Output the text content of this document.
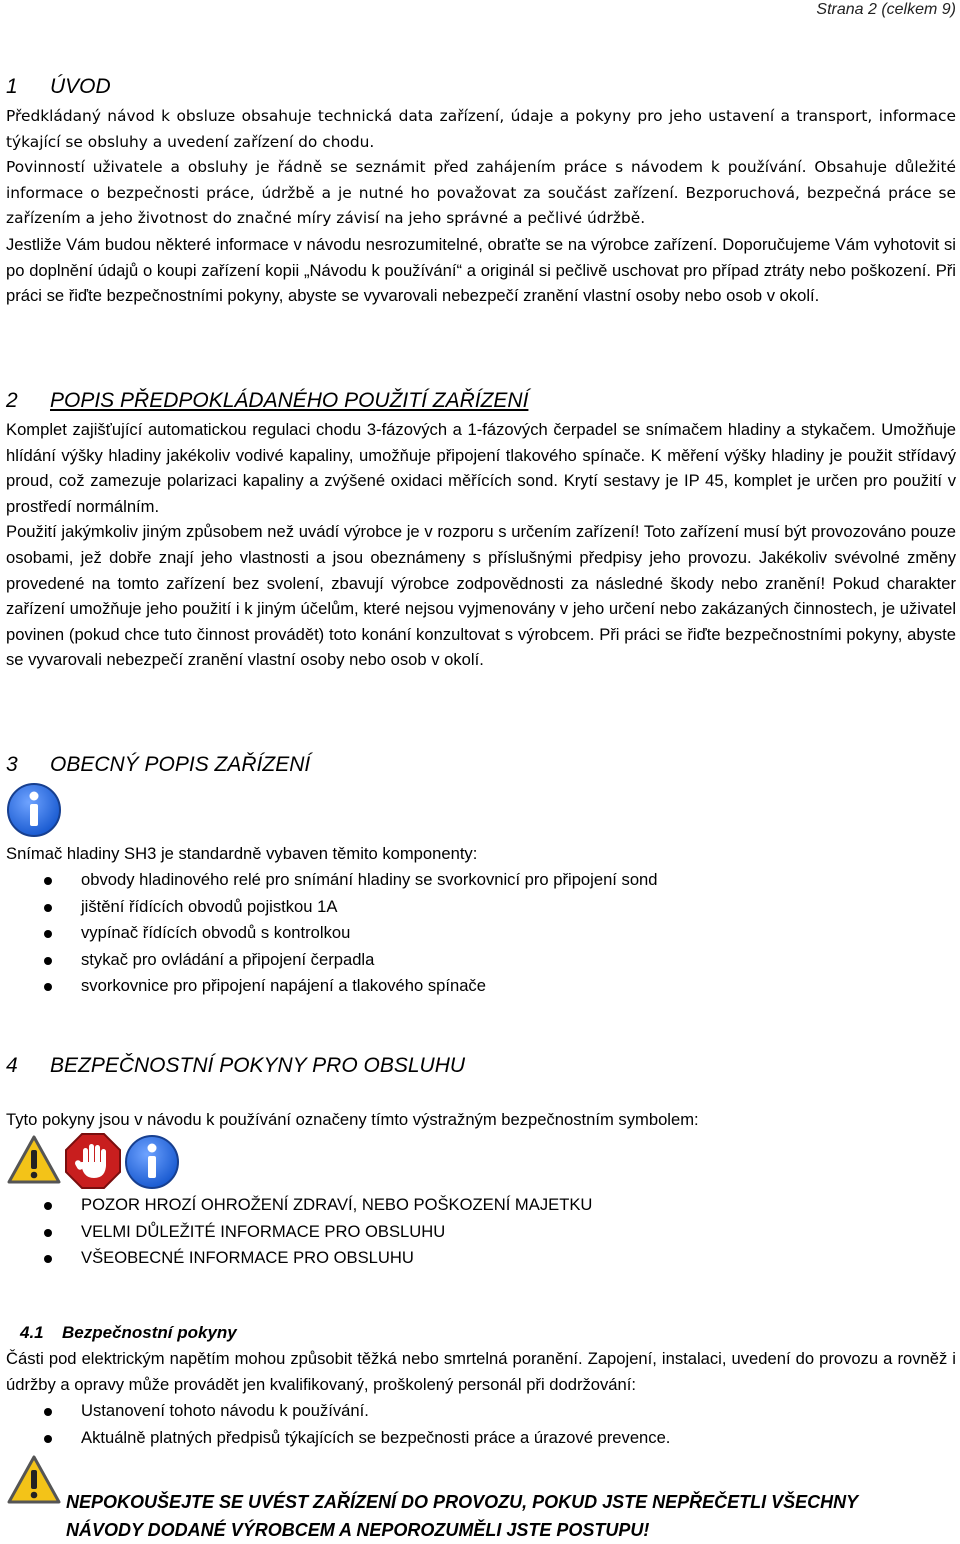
Strana 2 (celkem 9)
1 ÚVOD

Předkládaný návod k obsluze obsahuje technická data zařízení, údaje a pokyny pro jeho ustavení a transport, informace týkající se obsluhy a uvedení zařízení do chodu.

Povinností uživatele a obsluhy je řádně se seznámit před zahájením práce s návodem k používání. Obsahuje důležité informace o bezpečnosti práce, údržbě a je nutné ho považovat za součást zařízení. Bezporuchová, bezpečná práce se zařízením a jeho životnost do značné míry závisí na jeho správné a pečlivé údržbě.

Jestliže Vám budou některé informace v návodu nesrozumitelné, obraťte se na výrobce zařízení. Doporučujeme Vám vyhotovit si po doplnění údajů o koupi zařízení kopii „Návodu k používání“ a originál si pečlivě uschovat pro případ ztráty nebo poškození. Při práci se řiďte bezpečnostními pokyny, abyste se vyvarovali nebezpečí zranění vlastní osoby nebo osob v okolí.

2 POPIS PŘEDPOKLÁDANÉHO POUŽITÍ ZAŘÍZENÍ

Komplet zajišťující automatickou regulaci chodu 3-fázových a 1-fázových čerpadel se snímačem hladiny a stykačem. Umožňuje hlídání výšky hladiny jakékoliv vodivé kapaliny, umožňuje připojení tlakového spínače. K měření výšky hladiny je použit střídavý proud, což zamezuje polarizaci kapaliny a zvýšené oxidaci měřících sond. Krytí sestavy je IP 45, komplet je určen pro použití v prostředí normálním.

Použití jakýmkoliv jiným způsobem než uvádí výrobce je v rozporu s určením zařízení! Toto zařízení musí být provozováno pouze osobami, jež dobře znají jeho vlastnosti a jsou obeznámeny s příslušnými předpisy jeho provozu. Jakékoliv svévolné změny provedené na tomto zařízení bez svolení, zbavují výrobce zodpovědnosti za následné škody nebo zranění! Pokud charakter zařízení umožňuje jeho použití i k jiným účelům, které nejsou vyjmenovány v jeho určení nebo zakázaných činnostech, je uživatel povinen (pokud chce tuto činnost provádět) toto konání konzultovat s výrobcem. Při práci se řiďte bezpečnostními pokyny, abyste se vyvarovali nebezpečí zranění vlastní osoby nebo osob v okolí.

3 OBECNÝ POPIS ZAŘÍZENÍ

Snímač hladiny SH3 je standardně vybaven těmito komponenty:

obvody hladinového relé pro snímání hladiny se svorkovnicí pro připojení sond
jištění řídících obvodů pojistkou 1A
vypínač řídících obvodů s kontrolkou
stykač pro ovládání a připojení čerpadla
svorkovnice pro připojení napájení a tlakového spínače
4 BEZPEČNOSTNÍ POKYNY PRO OBSLUHU

Tyto pokyny jsou v návodu k používání označeny tímto výstražným bezpečnostním symbolem:

POZOR HROZÍ OHROŽENÍ ZDRAVÍ, NEBO POŠKOZENÍ MAJETKU
VELMI DŮLEŽITÉ INFORMACE PRO OBSLUHU
VŠEOBECNÉ INFORMACE PRO OBSLUHU
4.1 Bezpečnostní pokyny

Části pod elektrickým napětím mohou způsobit těžká nebo smrtelná poranění. Zapojení, instalaci, uvedení do provozu a rovněž i údržby a opravy může provádět jen kvalifikovaný, proškolený personál při dodržování:

Ustanovení tohoto návodu k používání.
Aktuálně platných předpisů týkajících se bezpečnosti práce a úrazové prevence.
NEPOKOUŠEJTE SE UVÉST ZAŘÍZENÍ DO PROVOZU, POKUD JSTE NEPŘEČETLI VŠECHNY
NÁVODY DODANÉ VÝROBCEM A NEPOROZUMĚLI JSTE POSTUPU!
